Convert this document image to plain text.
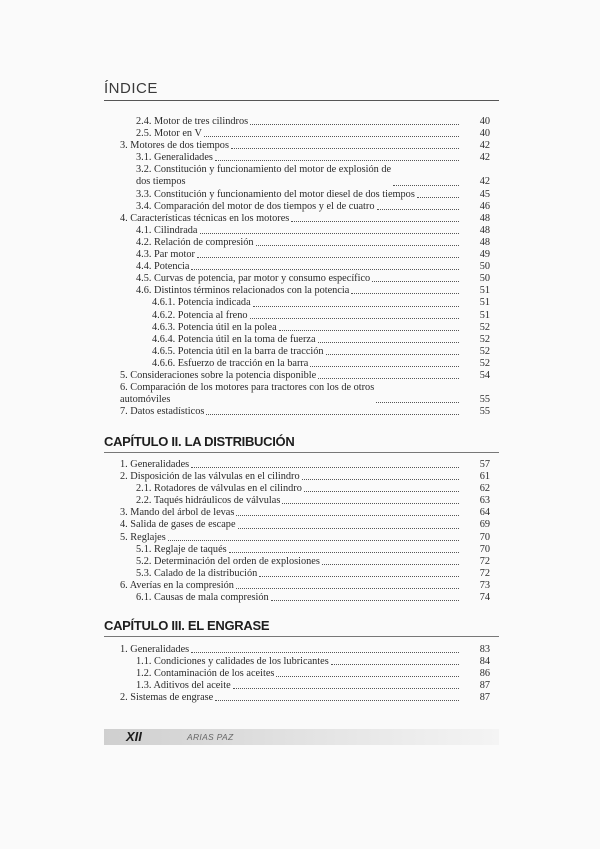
ÍNDICE
2.4. Motor de tres cilindros	40
2.5. Motor en V	40
3. Motores de dos tiempos	42
3.1. Generalidades	42
3.2. Constitución y funcionamiento del motor de explosión de
dos tiempos	42
3.3. Constitución y funcionamiento del motor diesel de dos tiempos	45
3.4. Comparación del motor de dos tiempos y el de cuatro	46
4. Características técnicas en los motores	48
4.1. Cilindrada	48
4.2. Relación de compresión	48
4.3. Par motor	49
4.4. Potencia	50
4.5. Curvas de potencia, par motor y consumo específico	50
4.6. Distintos términos relacionados con la potencia	51
4.6.1. Potencia indicada	51
4.6.2. Potencia al freno	51
4.6.3. Potencia útil en la polea	52
4.6.4. Potencia útil en la toma de fuerza	52
4.6.5. Potencia útil en la barra de tracción	52
4.6.6. Esfuerzo de tracción en la barra	52
5. Consideraciones sobre la potencia disponible	54
6. Comparación de los motores para tractores con los de otros
automóviles	55
7. Datos estadísticos	55
CAPÍTULO II. LA DISTRIBUCIÓN
1. Generalidades	57
2. Disposición de las válvulas en el cilindro	61
2.1. Rotadores de válvulas en el cilindro	62
2.2. Taqués hidráulicos de válvulas	63
3. Mando del árbol de levas	64
4. Salida de gases de escape	69
5. Reglajes	70
5.1. Reglaje de taqués	70
5.2. Determinación del orden de explosiones	72
5.3. Calado de la distribución	72
6. Averías en la compresión	73
6.1. Causas de mala compresión	74
CAPÍTULO III. EL ENGRASE
1. Generalidades	83
1.1. Condiciones y calidades de los lubricantes	84
1.2. Contaminación de los aceites	86
1.3. Aditivos del aceite	87
2. Sistemas de engrase	87
XII	ARIAS PAZ
